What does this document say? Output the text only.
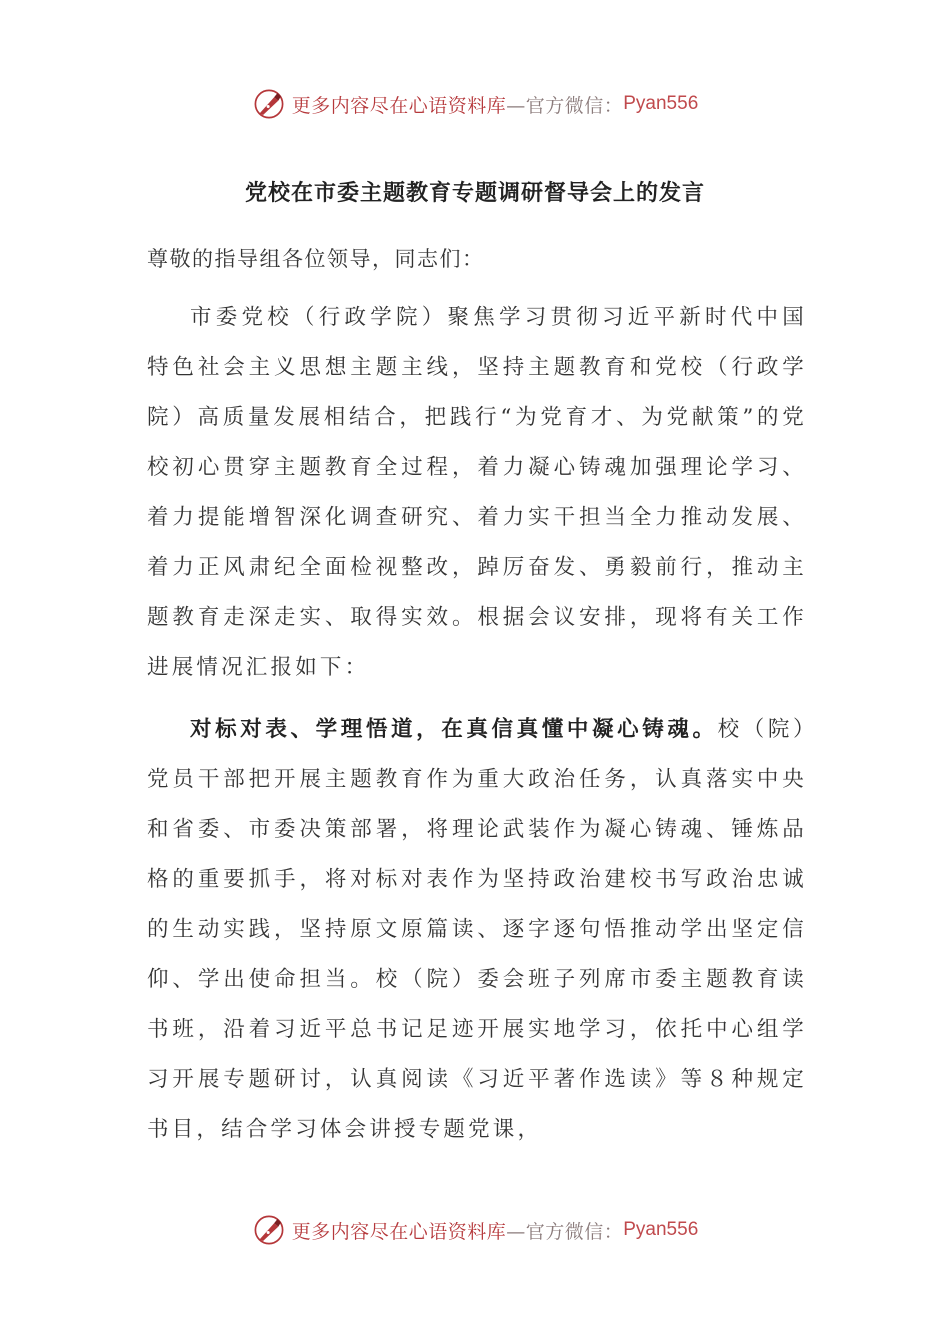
更多内容尽在心语资料库 —官方微信： Pyan556
党校在市委主题教育专题调研督导会上的发言
尊敬的指导组各位领导，同志们：

市委党校（行政学院）聚焦学习贯彻习近平新时代中国特色社会主义思想主题主线，坚持主题教育和党校（行政学院）高质量发展相结合，把践行“为党育才、为党献策”的党校初心贯穿主题教育全过程，着力凝心铸魂加强理论学习、着力提能增智深化调查研究、着力实干担当全力推动发展、着力正风肃纪全面检视整改，踔厉奋发、勇毅前行，推动主题教育走深走实、取得实效。根据会议安排，现将有关工作进展情况汇报如下：

对标对表、学理悟道，在真信真懂中凝心铸魂。校（院）党员干部把开展主题教育作为重大政治任务，认真落实中央和省委、市委决策部署，将理论武装作为凝心铸魂、锤炼品格的重要抓手，将对标对表作为坚持政治建校书写政治忠诚的生动实践，坚持原文原篇读、逐字逐句悟推动学出坚定信仰、学出使命担当。校（院）委会班子列席市委主题教育读书班，沿着习近平总书记足迹开展实地学习，依托中心组学习开展专题研讨，认真阅读《习近平著作选读》等８种规定书目，结合学习体会讲授专题党课，

更多内容尽在心语资料库 —官方微信： Pyan556
